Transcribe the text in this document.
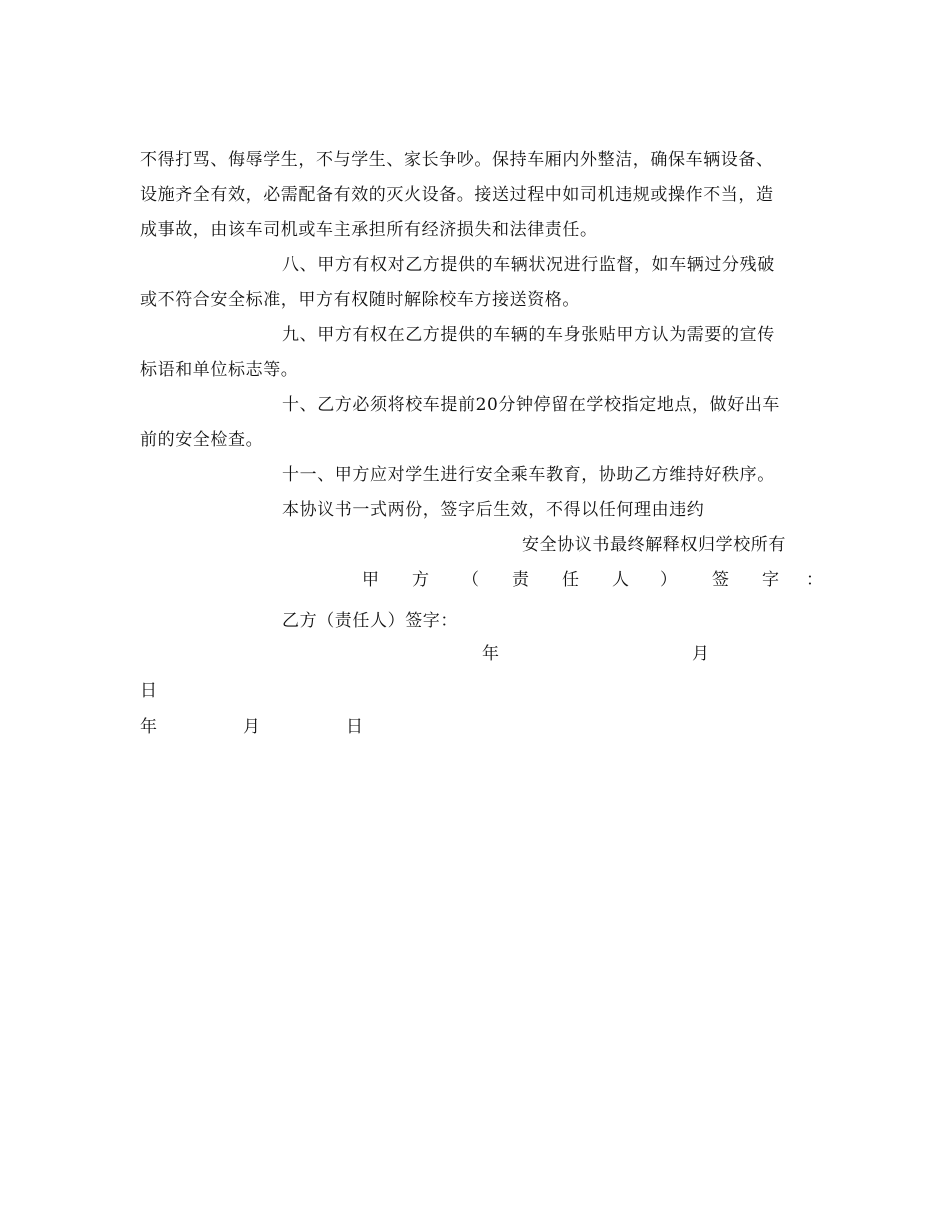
不得打骂、侮辱学生，不与学生、家长争吵。保持车厢内外整洁，确保车辆设备、
设施齐全有效，必需配备有效的灭火设备。接送过程中如司机违规或操作不当，造
成事故，由该车司机或车主承担所有经济损失和法律责任。
八、甲方有权对乙方提供的车辆状况进行监督，如车辆过分残破
或不符合安全标准，甲方有权随时解除校车方接送资格。
九、甲方有权在乙方提供的车辆的车身张贴甲方认为需要的宣传
标语和单位标志等。
十、乙方必须将校车提前20分钟停留在学校指定地点，做好出车
前的安全检查。
十一、甲方应对学生进行安全乘车教育，协助乙方维持好秩序。
本协议书一式两份，签字后生效，不得以任何理由违约
安全协议书最终解释权归学校所有
甲 方 （ 责 任 人 ） 签 字 ：
乙方（责任人）签字：
年	月
日
年	月	日
